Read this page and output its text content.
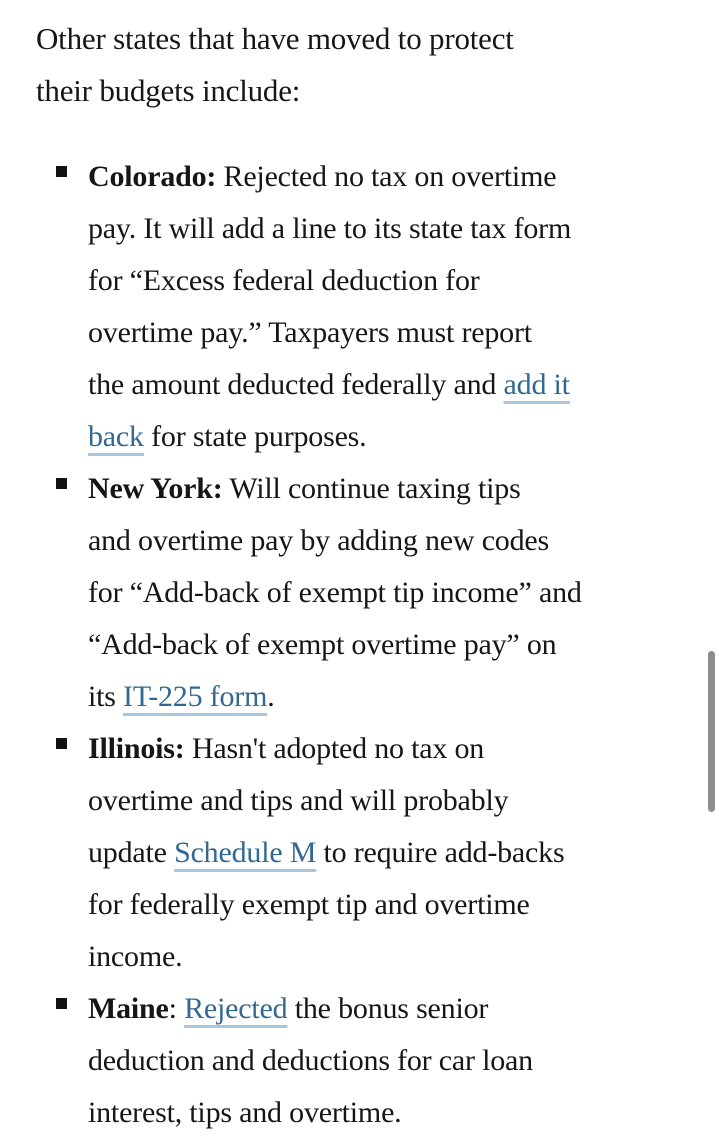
Other states that have moved to protect
their budgets include:
Colorado: Rejected no tax on overtime
pay. It will add a line to its state tax form
for “Excess federal deduction for
overtime pay.” Taxpayers must report
the amount deducted federally and add it
back for state purposes.
New York: Will continue taxing tips
and overtime pay by adding new codes
for “Add-back of exempt tip income” and
“Add-back of exempt overtime pay” on
its IT-225 form.
Illinois: Hasn't adopted no tax on
overtime and tips and will probably
update Schedule M to require add-backs
for federally exempt tip and overtime
income.
Maine: Rejected the bonus senior
deduction and deductions for car loan
interest, tips and overtime.
